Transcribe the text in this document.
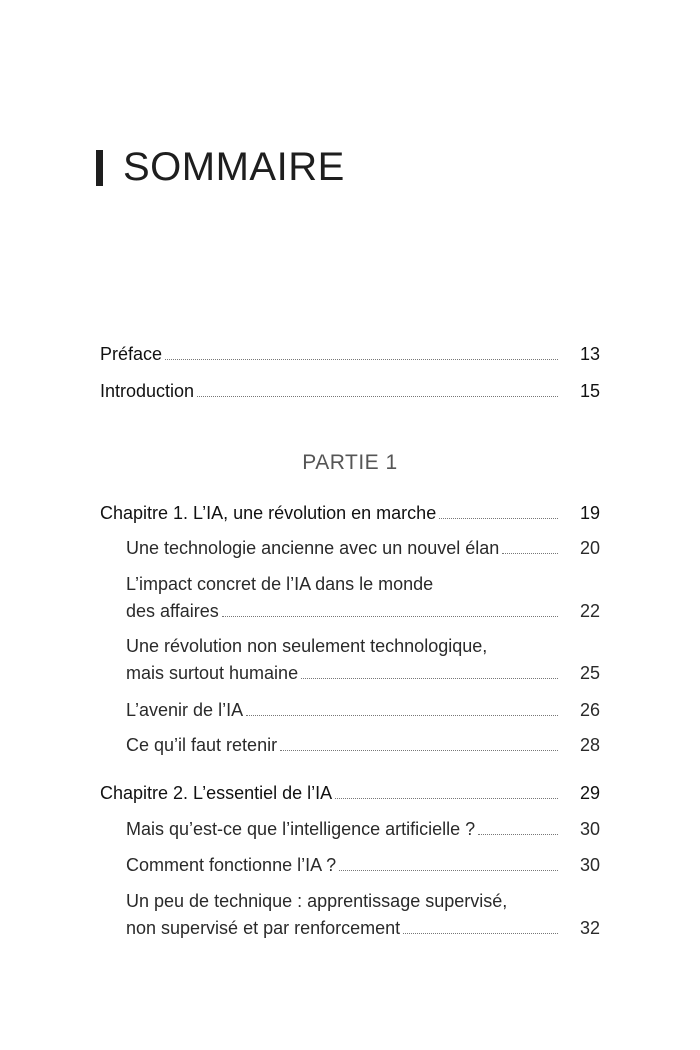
SOMMAIRE
Préface	13
Introduction	15
PARTIE 1
Chapitre 1. L’IA, une révolution en marche	19
Une technologie ancienne avec un nouvel élan	20
L’impact concret de l’IA dans le monde
des affaires	22
Une révolution non seulement technologique,
mais surtout humaine	25
L’avenir de l’IA	26
Ce qu’il faut retenir	28
Chapitre 2. L’essentiel de l’IA	29
Mais qu’est-ce que l’intelligence artificielle ?	30
Comment fonctionne l’IA ?	30
Un peu de technique : apprentissage supervisé,
non supervisé et par renforcement	32
